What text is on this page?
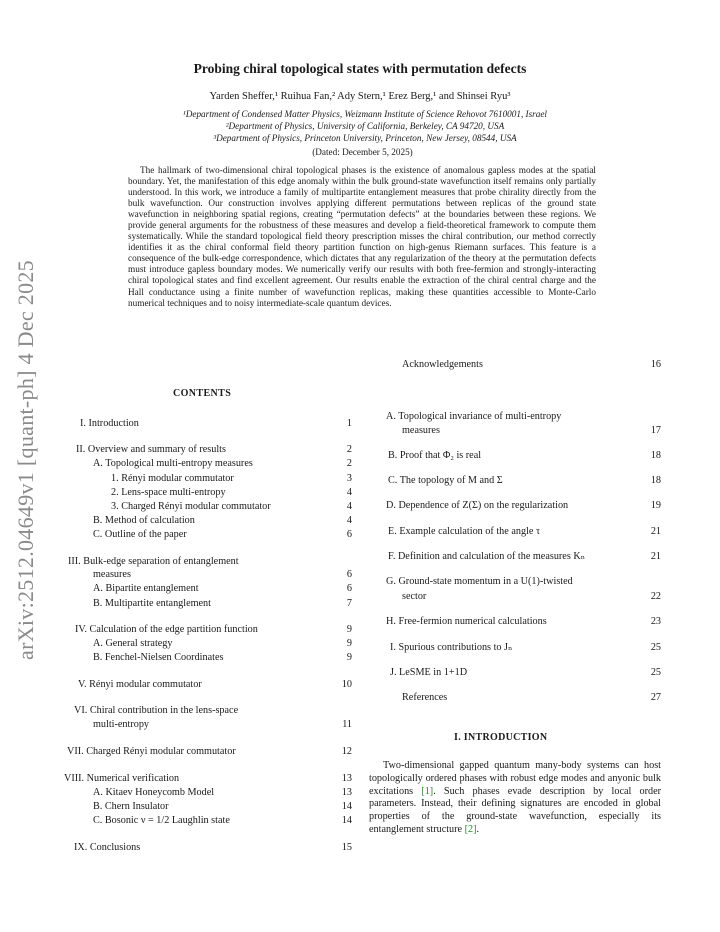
arXiv:2512.04649v1 [quant-ph] 4 Dec 2025
Probing chiral topological states with permutation defects
Yarden Sheffer,¹ Ruihua Fan,² Ady Stern,¹ Erez Berg,¹ and Shinsei Ryu³
¹Department of Condensed Matter Physics, Weizmann Institute of Science Rehovot 7610001, Israel
²Department of Physics, University of California, Berkeley, CA 94720, USA
³Department of Physics, Princeton University, Princeton, New Jersey, 08544, USA
(Dated: December 5, 2025)
The hallmark of two-dimensional chiral topological phases is the existence of anomalous gapless modes at the spatial boundary. Yet, the manifestation of this edge anomaly within the bulk ground-state wavefunction itself remains only partially understood. In this work, we introduce a family of multipartite entanglement measures that probe chirality directly from the bulk wavefunction. Our construction involves applying different permutations between replicas of the ground state wavefunction in neighboring spatial regions, creating “permutation defects” at the boundaries between these regions. We provide general arguments for the robustness of these measures and develop a field-theoretical framework to compute them systematically. While the standard topological field theory prescription misses the chiral contribution, our method correctly identifies it as the chiral conformal field theory partition function on high-genus Riemann surfaces. This feature is a consequence of the bulk-edge correspondence, which dictates that any regularization of the theory at the permutation defects must introduce gapless boundary modes. We numerically verify our results with both free-fermion and strongly-interacting chiral topological states and find excellent agreement. Our results enable the extraction of the chiral central charge and the Hall conductance using a finite number of wavefunction replicas, making these quantities accessible to Monte-Carlo numerical techniques and to noisy intermediate-scale quantum devices.
CONTENTS
I. Introduction	1
II. Overview and summary of results	2
A. Topological multi-entropy measures	2
1. Rényi modular commutator	3
2. Lens-space multi-entropy	4
3. Charged Rényi modular commutator	4
B. Method of calculation	4
C. Outline of the paper	6
III. Bulk-edge separation of entanglement
measures	6
A. Bipartite entanglement	6
B. Multipartite entanglement	7
IV. Calculation of the edge partition function	9
A. General strategy	9
B. Fenchel-Nielsen Coordinates	9
V. Rényi modular commutator	10
VI. Chiral contribution in the lens-space
multi-entropy	11
VII. Charged Rényi modular commutator	12
VIII. Numerical verification	13
A. Kitaev Honeycomb Model	13
B. Chern Insulator	14
C. Bosonic ν = 1/2 Laughlin state	14
IX. Conclusions	15
Acknowledgements	16
A. Topological invariance of multi-entropy
measures	17
B. Proof that Φ₂ is real	18
C. The topology of M and Σ	18
D. Dependence of Z(Σ) on the regularization	19
E. Example calculation of the angle τ	21
F. Definition and calculation of the measures Kₙ	21
G. Ground-state momentum in a U(1)-twisted
sector	22
H. Free-fermion numerical calculations	23
I. Spurious contributions to Jₙ	25
J. LeSME in 1+1D	25
References	27
I. INTRODUCTION
Two-dimensional gapped quantum many-body systems can host topologically ordered phases with robust edge modes and anyonic bulk excitations [1]. Such phases evade description by local order parameters. Instead, their defining signatures are encoded in global properties of the ground-state wavefunction, especially its entanglement structure [2].
